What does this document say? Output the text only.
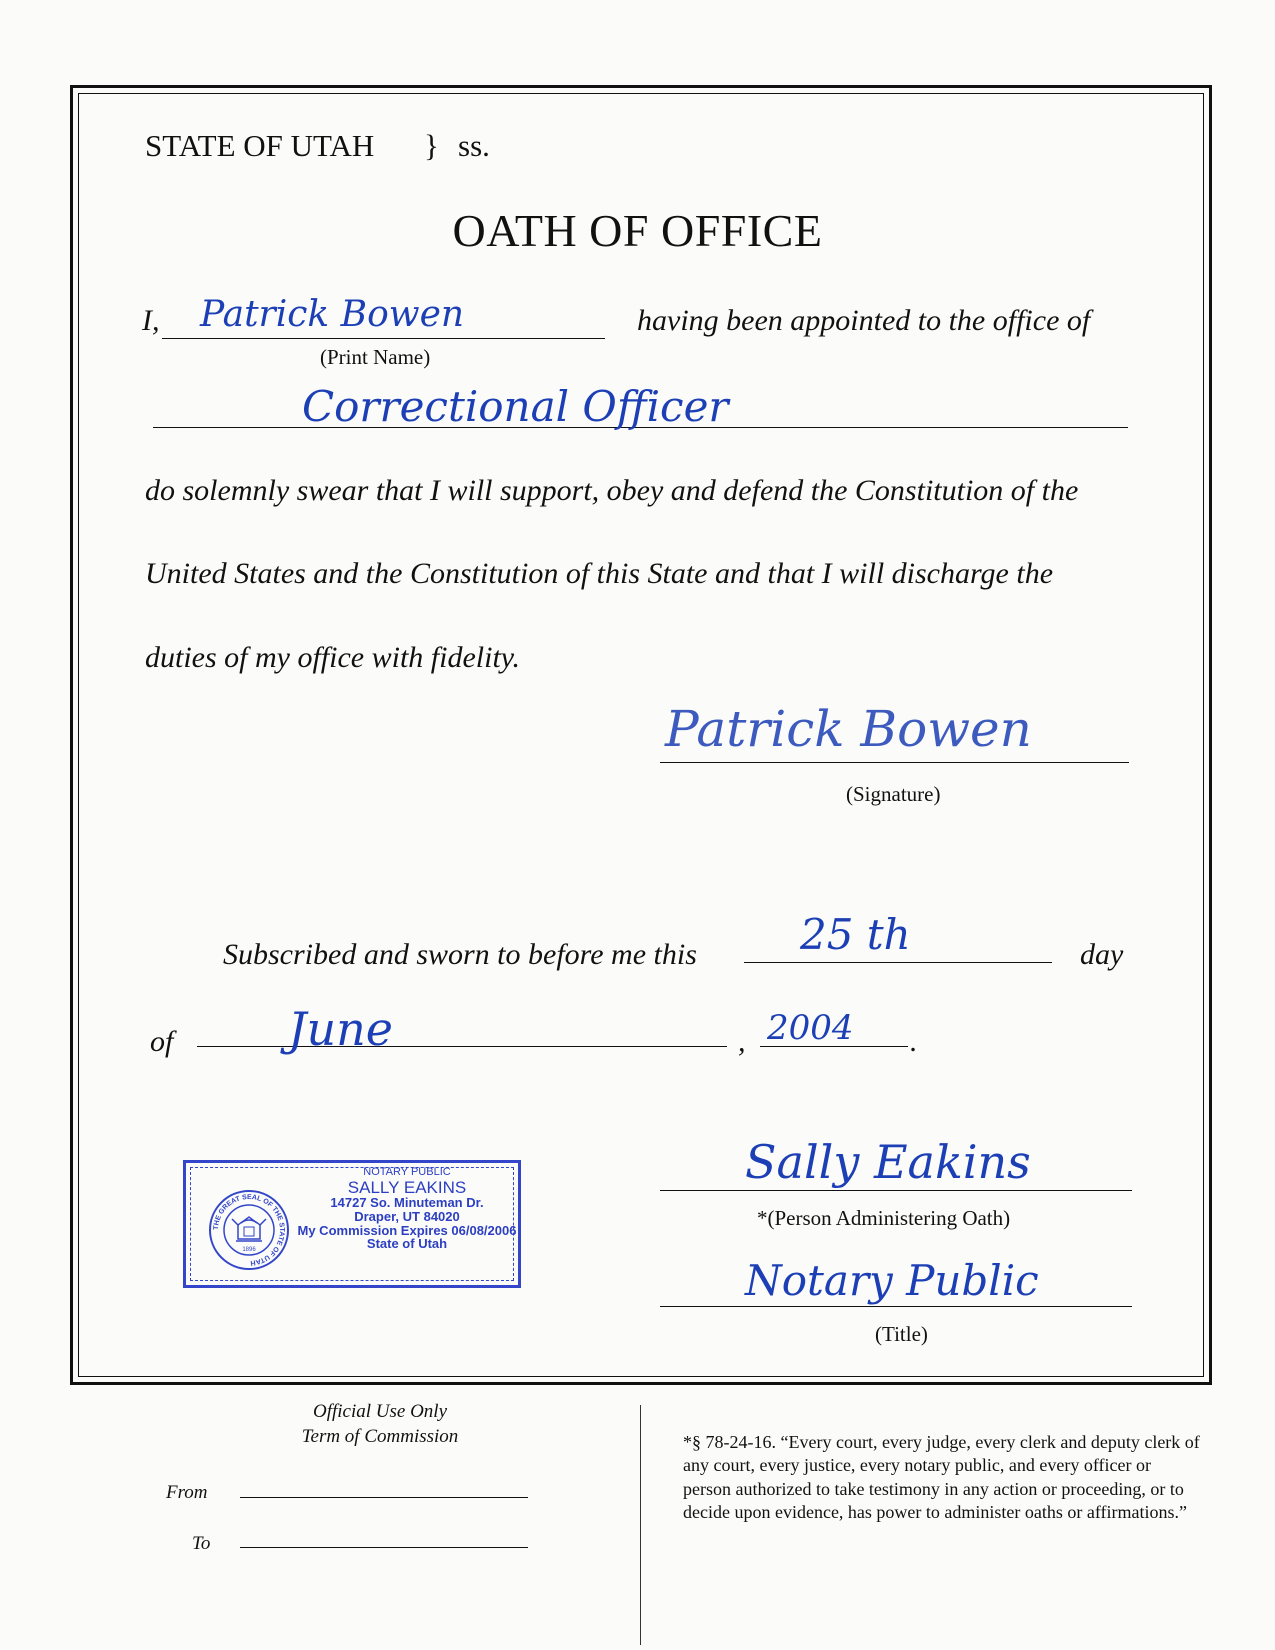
STATE OF UTAH } ss.
OATH OF OFFICE
I, Patrick Bowen
(Print Name)
having been appointed to the office of
Correctional Officer
do solemnly swear that I will support, obey and defend the Constitution of the
United States and the Constitution of this State and that I will discharge the
duties of my office with fidelity.
Patrick Bowen
(Signature)
Subscribed and sworn to before me this 25 th	day
of June	, 2004 .
Sally Eakins
*(Person Administering Oath)
Notary Public
(Title)
THE GREAT SEAL OF THE STATE OF UTAH
1896
NOTARY PUBLIC
SALLY EAKINS
14727 So. Minuteman Dr.
Draper, UT 84020
My Commission Expires 06/08/2006
State of Utah
Official Use Only
Term of Commission
From
To
*§ 78-24-16. “Every court, every judge, every clerk and deputy clerk of any court, every justice, every notary public, and every officer or person authorized to take testimony in any action or proceeding, or to decide upon evidence, has power to administer oaths or affirmations.”
